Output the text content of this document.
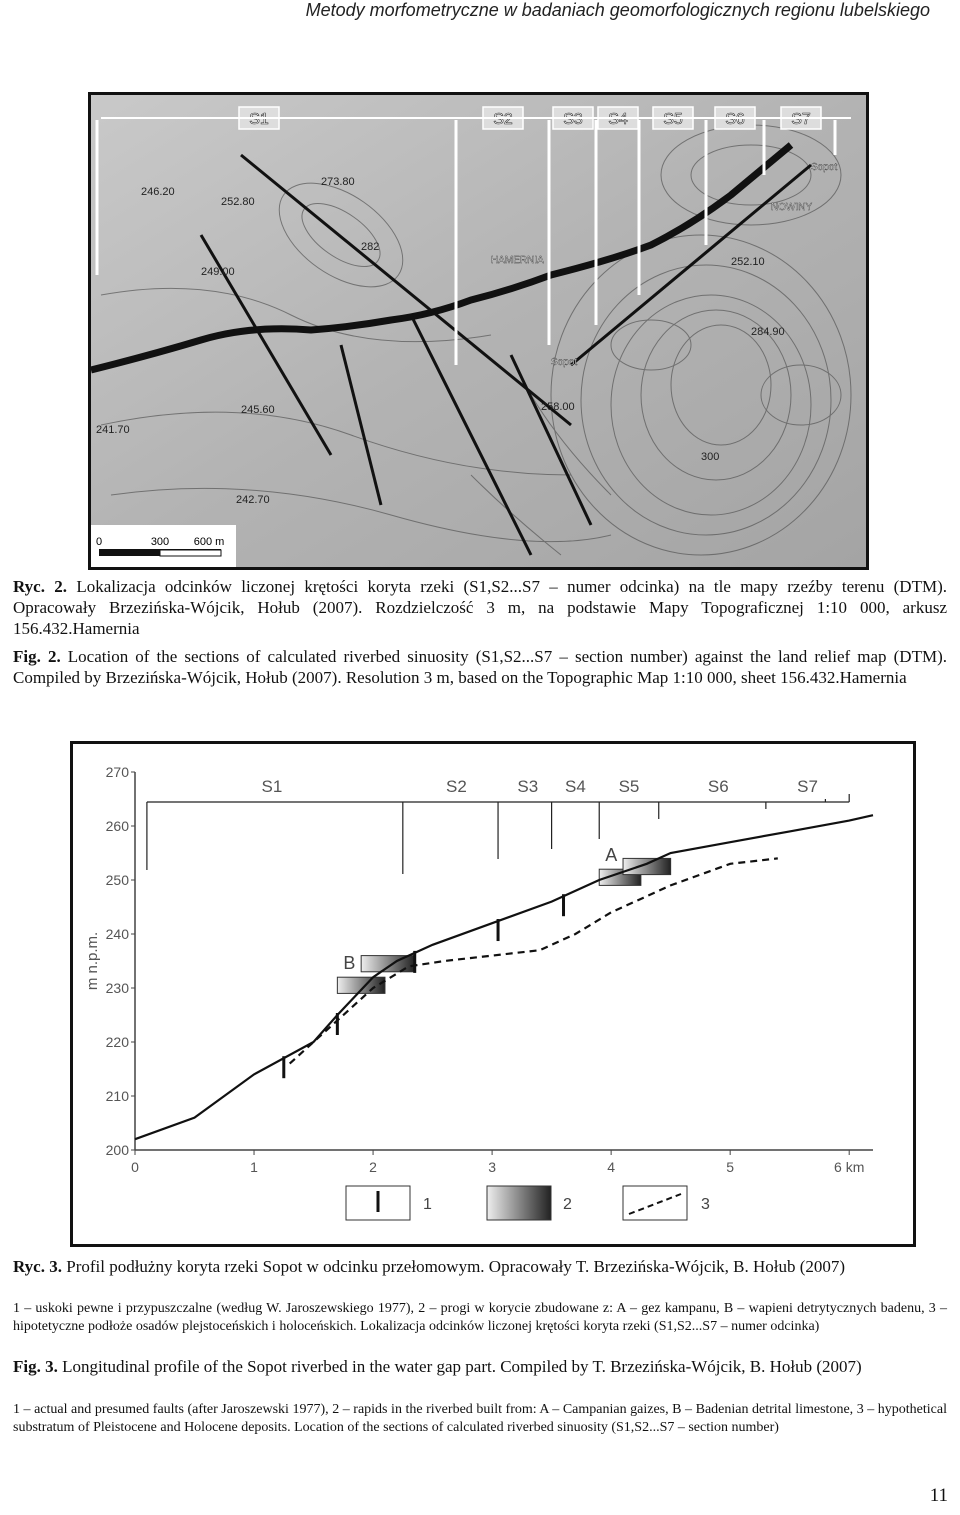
Metody morfometryczne w badaniach geomorfologicznych regionu lubelskiego
S1	S2	S3 S4 S5	S6	S7
246.20
252.80
273.80
249.00
282
252.10
284.90
245.60	258.00
241.70
242.70
300
HAMERNIA
Sopot
NOWINY
Sopot
0	300 600 m
Ryc. 2. Lokalizacja odcinków liczonej krętości koryta rzeki (S1,S2...S7 – numer odcinka) na tle mapy rzeźby terenu (DTM). Opracowały Brzezińska-Wójcik, Hołub (2007). Rozdzielczość 3 m, na podstawie Mapy Topograficznej 1:10 000, arkusz 156.432.Hamernia
Fig. 2. Location of the sections of calculated riverbed sinuosity (S1,S2...S7 – section number) against the land relief map (DTM). Compiled by Brzezińska-Wójcik, Hołub (2007). Resolution 3 m, based on the Topographic Map 1:10 000, sheet 156.432.Hamernia
200
210
220
230
240
250
260
270
0	1	2	3	4	5	6 km
m n.p.m.
S1	S2	S3 S4 S5	S6	S7
B
A
1	2	3
Ryc. 3. Profil podłużny koryta rzeki Sopot w odcinku przełomowym. Opracowały T. Brzezińska-Wójcik, B. Hołub (2007)
1 – uskoki pewne i przypuszczalne (według W. Jaroszewskiego 1977), 2 – progi w korycie zbudowane z: A – gez kampanu, B – wapieni detrytycznych badenu, 3 – hipotetyczne podłoże osadów plejstoceńskich i holoceńskich. Lokalizacja odcinków liczonej krętości koryta rzeki (S1,S2...S7 – numer odcinka)
Fig. 3. Longitudinal profile of the Sopot riverbed in the water gap part. Compiled by T. Brzezińska-Wójcik, B. Hołub (2007)
1 – actual and presumed faults (after Jaroszewski 1977), 2 – rapids in the riverbed built from: A – Campanian gaizes, B – Badenian detrital limestone, 3 – hypothetical substratum of Pleistocene and Holocene deposits. Location of the sections of calculated riverbed sinuosity (S1,S2...S7 – section number)
11
